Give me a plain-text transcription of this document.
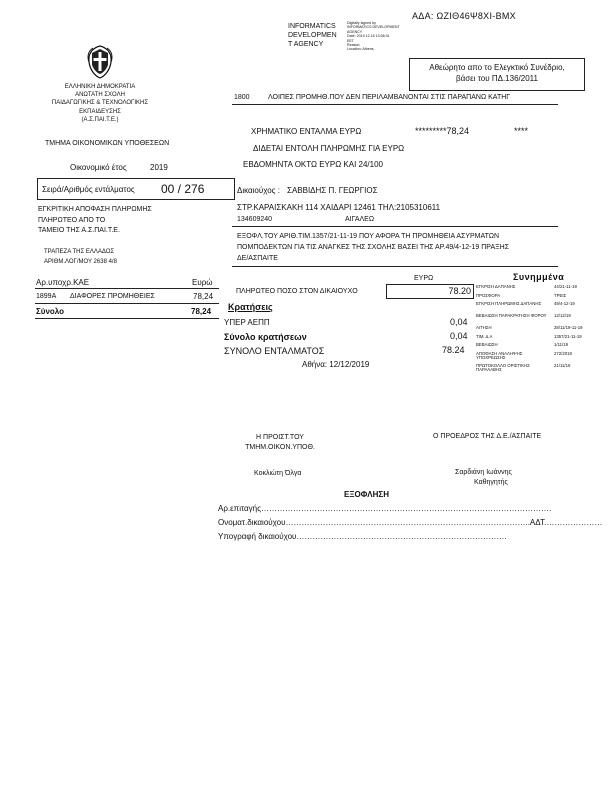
ΑΔΑ: ΩΖΙΘ46Ψ8ΧΙ-ΒΜΧ
INFORMATICS
DEVELOPMEN
T AGENCY
Digitally signed by
INFORMATICS DEVELOPMENT
AGENCY
Date: 2019.12.16 13:06:31
EET
Reason:
Location: Athens
Αθεώρητο απο το Ελεγκτικό Συνέδριο,
βάσει του ΠΔ.136/2011
ΕΛΛΗΝΙΚΗ ΔΗΜΟΚΡΑΤΙΑ
ΑΝΩΤΑΤΗ ΣΧΟΛΗ
ΠΑΙΔΑΓΩΓΙΚΗΣ & ΤΕΧΝΟΛΟΓΙΚΗΣ
ΕΚΠΑΙΔΕΥΣΗΣ
(Α.Σ.ΠΑΙ.Τ.Ε.)
ΤΜΗΜΑ ΟΙΚΟΝΟΜΙΚΩΝ ΥΠΟΘΕΣΕΩΝ
Οικονομικό έτος	2019
Σειρά/Αριθμός εντάλματος 00 / 276
ΕΓΚΡΙΤΙΚΗ ΑΠΟΦΑΣΗ ΠΛΗΡΩΜΗΣ
ΠΛΗΡΩΤΕΟ ΑΠΟ ΤΟ
ΤΑΜΕΙΟ ΤΗΣ Α.Σ.ΠΑΙ.Τ.Ε.
ΤΡΑΠΕΖΑ ΤΗΣ ΕΛΛΑΔΟΣ
ΑΡΙΘΜ.ΛΟΓ/ΜΟΥ 2638 4/8
Αρ.υποχρ.ΚΑΕ	Ευρώ
1899Α ΔΙΑΦΟΡΕΣ ΠΡΟΜΗΘΕΙΕΣ	78,24
Σύνολο	78,24
1800	ΛΟΙΠΕΣ ΠΡΟΜΗΘ.ΠΟΥ ΔΕΝ ΠΕΡΙΛΑΜΒΑΝΟΝΤΑΙ ΣΤΙΣ ΠΑΡΑΠΑΝΩ ΚΑΤΗΓ
ΧΡΗΜΑΤΙΚΟ ΕΝΤΑΛΜΑ ΕΥΡΩ	*********78,24	****
ΔΙΔΕΤΑΙ ΕΝΤΟΛΗ ΠΛΗΡΩΜΗΣ ΓΙΑ ΕΥΡΩ
ΕΒΔΟΜΗΝΤΑ ΟΚΤΩ ΕΥΡΩ ΚΑΙ 24/100
Δικαιούχος : ΣΑΒΒΙΔΗΣ Π. ΓΕΩΡΓΙΟΣ
ΣΤΡ.ΚΑΡΑΙΣΚΑΚΗ 114 ΧΑΙΔΑΡΙ 12461 ΤΗΛ:2105310611
134609240	ΑΙΓΑΛΕΩ
ΕΞΟΦΛ.ΤΟΥ ΑΡΙΘ.ΤΙΜ.1357/21-11-19 ΠΟΥ ΑΦΟΡΑ ΤΗ ΠΡΟΜΗΘΕΙΑ ΑΣΥΡΜΑΤΩΝ
ΠΟΜΠΟΔΕΚΤΩΝ ΓΙΑ ΤΙΣ ΑΝΑΓΚΕΣ ΤΗΣ ΣΧΟΛΗΣ ΒΑΣΕΙ ΤΗΣ ΑΡ.49/4-12-19 ΠΡΑΞΗΣ
ΔΕ/ΑΣΠΑΙΤΕ
ΕΥΡΩ
ΠΛΗΡΩΤΕΟ ΠΟΣΟ ΣΤΟΝ ΔΙΚΑΙΟΥΧΟ	78.20
Κρατήσεις
ΥΠΕΡ ΑΕΠΠ	0,04
Σύνολο κρατήσεων	0,04
ΣΥΝΟΛΟ ΕΝΤΑΛΜΑΤΟΣ	78.24
Αθήνα: 12/12/2019
Συνημμένα
ΕΓΚΡΙΣΗ ΔΑΠΑΝΗΣ	44/21-11-19
ΠΡΟΣΦΟΡΑ	ΤΡΕΙΣ
ΕΓΚΡΙΣΗ ΠΛΗΡΩΜΗΣ ΔΑΠΑΝΗΣ	49/4-12-19
ΒΕΒΑΙΩΣΗ ΠΑΡΑΚΡΑΤΗΣΗ ΦΟΡΟΥ	12/12/19
ΑΙΤΗΣΗ	28/11/19-11-19
ΤΙΜ. Δ.Α	1357/21-11-19
ΒΕΒΑΙΩΣΗ	1/11/19
ΑΠΟΦΑΣΗ ΑΝΑΛΗΨΗΣ ΥΠΟΧΡΕΩΣΗΣ
272/2019
ΠΡΩΤΟΚΟΛΛΟ ΟΡΙΣΤΙΚΗΣ ΠΑΡΑΛΑΒΗΣ
21/11/19
Η ΠΡΟΙΣΤ.ΤΟΥ
ΤΜΗΜ.ΟΙΚΟΝ.ΥΠΟΘ.
Κοκλιώτη Όλγα
Ο ΠΡΟΕΔΡΟΣ ΤΗΣ Δ.Ε./ΑΣΠΑΙΤΕ
Σαρδιάνη Ιωάννης
Καθηγητής
ΕΞΟΦΛΗΣΗ
Αρ.επιταγής……………………………………………………………………………………………….
Ονοματ.δικαιούχου………………………………………………………………………………..ΑΔΤ.…………………
Υπογραφή δικαιούχου…………………………………………………………………….
